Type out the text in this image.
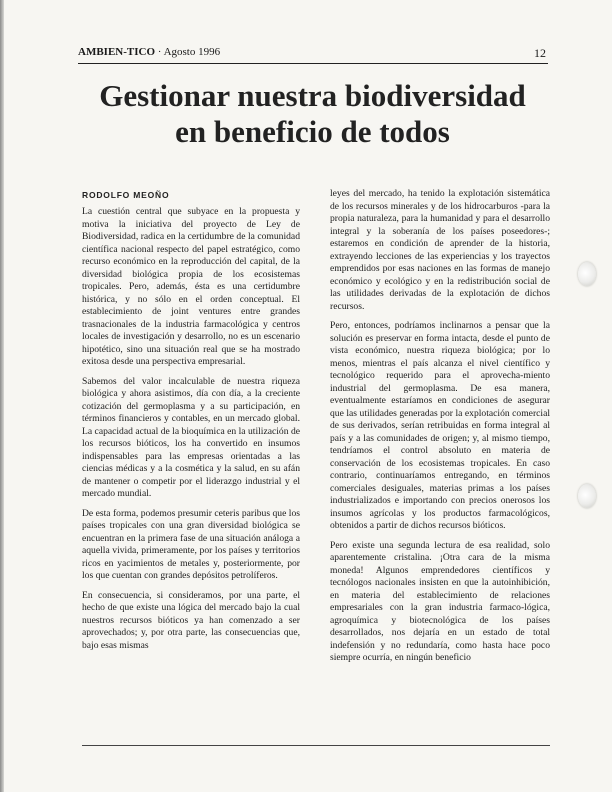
AMBIEN-TICO · Agosto 1996	12
Gestionar nuestra biodiversidad
en beneficio de todos
RODOLFO MEOÑO

La cuestión central que subyace en la propuesta y motiva la iniciativa del proyecto de Ley de Biodiversidad, radica en la certidumbre de la comunidad científica nacional respecto del papel estratégico, como recurso económico en la reproducción del capital, de la diversidad biológica propia de los ecosistemas tropicales. Pero, además, ésta es una certidumbre histórica, y no sólo en el orden conceptual. El establecimiento de joint ventures entre grandes trasnacionales de la industria farmacológica y centros locales de investigación y desarrollo, no es un escenario hipotético, sino una situación real que se ha mostrado exitosa desde una perspectiva empresarial.

Sabemos del valor incalculable de nuestra riqueza biológica y ahora asistimos, día con día, a la creciente cotización del germoplasma y a su participación, en términos financieros y contables, en un mercado global. La capacidad actual de la bioquímica en la utilización de los recursos bióticos, los ha convertido en insumos indispensables para las empresas orientadas a las ciencias médicas y a la cosmética y la salud, en su afán de mantener o competir por el liderazgo industrial y el mercado mundial.

De esta forma, podemos presumir ceteris paribus que los países tropicales con una gran diversidad biológica se encuentran en la primera fase de una situación análoga a aquella vivida, primeramente, por los países y territorios ricos en yacimientos de metales y, posteriormente, por los que cuentan con grandes depósitos petrolíferos.

En consecuencia, si consideramos, por una parte, el hecho de que existe una lógica del mercado bajo la cual nuestros recursos bióticos ya han comenzado a ser aprovechados; y, por otra parte, las consecuencias que, bajo esas mismas

leyes del mercado, ha tenido la explotación sistemática de los recursos minerales y de los hidrocarburos -para la propia naturaleza, para la humanidad y para el desarrollo integral y la soberanía de los países poseedores-; estaremos en condición de aprender de la historia, extrayendo lecciones de las experiencias y los trayectos emprendidos por esas naciones en las formas de manejo económico y ecológico y en la redistribución social de las utilidades derivadas de la explotación de dichos recursos.

Pero, entonces, podríamos inclinarnos a pensar que la solución es preservar en forma intacta, desde el punto de vista económico, nuestra riqueza biológica; por lo menos, mientras el país alcanza el nivel científico y tecnológico requerido para el aprovecha-miento industrial del germoplasma. De esa manera, eventualmente estaríamos en condiciones de asegurar que las utilidades generadas por la explotación comercial de sus derivados, serían retribuidas en forma integral al país y a las comunidades de origen; y, al mismo tiempo, tendríamos el control absoluto en materia de conservación de los ecosistemas tropicales. En caso contrario, continuaríamos entregando, en términos comerciales desiguales, materias primas a los países industrializados e importando con precios onerosos los insumos agrícolas y los productos farmacológicos, obtenidos a partir de dichos recursos bióticos.

Pero existe una segunda lectura de esa realidad, solo aparentemente cristalina. ¡Otra cara de la misma moneda! Algunos emprendedores científicos y tecnólogos nacionales insisten en que la autoinhibición, en materia del establecimiento de relaciones empresariales con la gran industria farmaco-lógica, agroquímica y biotecnológica de los países desarrollados, nos dejaría en un estado de total indefensión y no redundaría, como hasta hace poco siempre ocurría, en ningún beneficio
